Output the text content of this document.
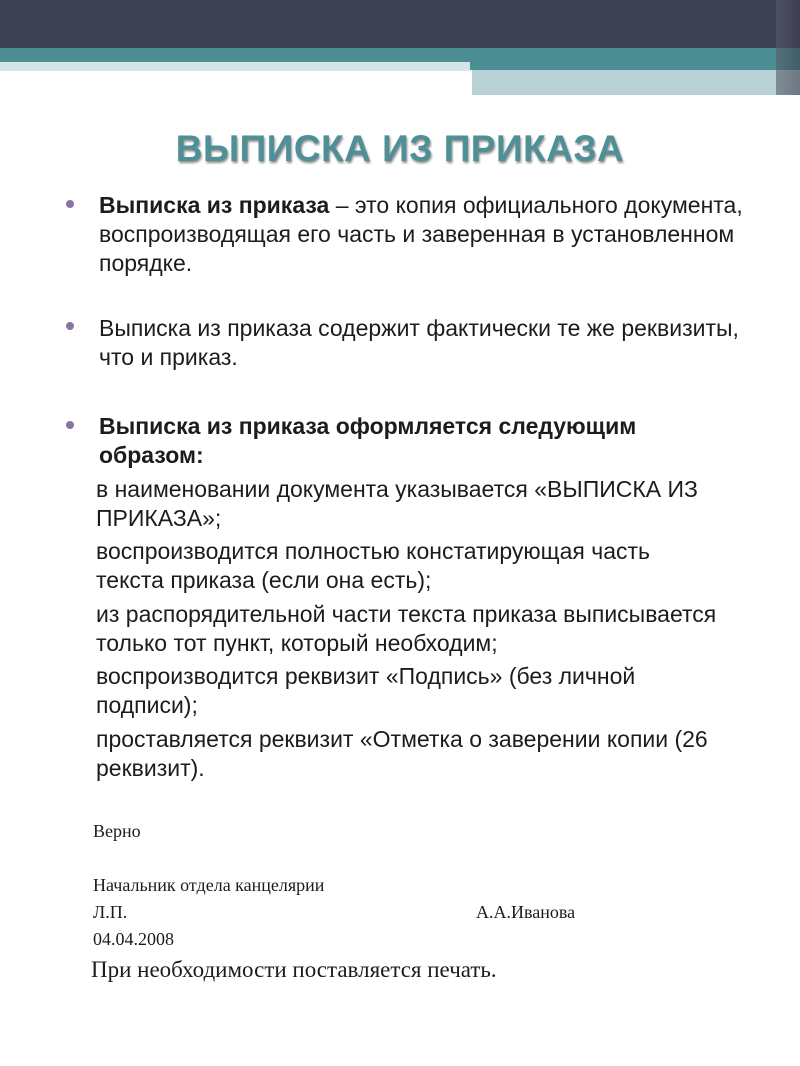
ВЫПИСКА ИЗ ПРИКАЗА
Выписка из приказа – это копия официального документа, воспроизводящая его часть и заверенная в установленном порядке.
Выписка из приказа содержит фактически те же реквизиты, что и приказ.
Выписка из приказа оформляется следующим образом:
в наименовании документа указывается «ВЫПИСКА ИЗ ПРИКАЗА»;
воспроизводится полностью констатирующая часть текста приказа (если она есть);
из распорядительной части текста приказа выписывается только тот пункт, который необходим;
воспроизводится реквизит «Подпись» (без личной подписи);
проставляется реквизит «Отметка о заверении копии (26 реквизит).
Верно
Начальник отдела канцелярии
Л.П.	А.А.Иванова
04.04.2008
При необходимости поставляется печать.
